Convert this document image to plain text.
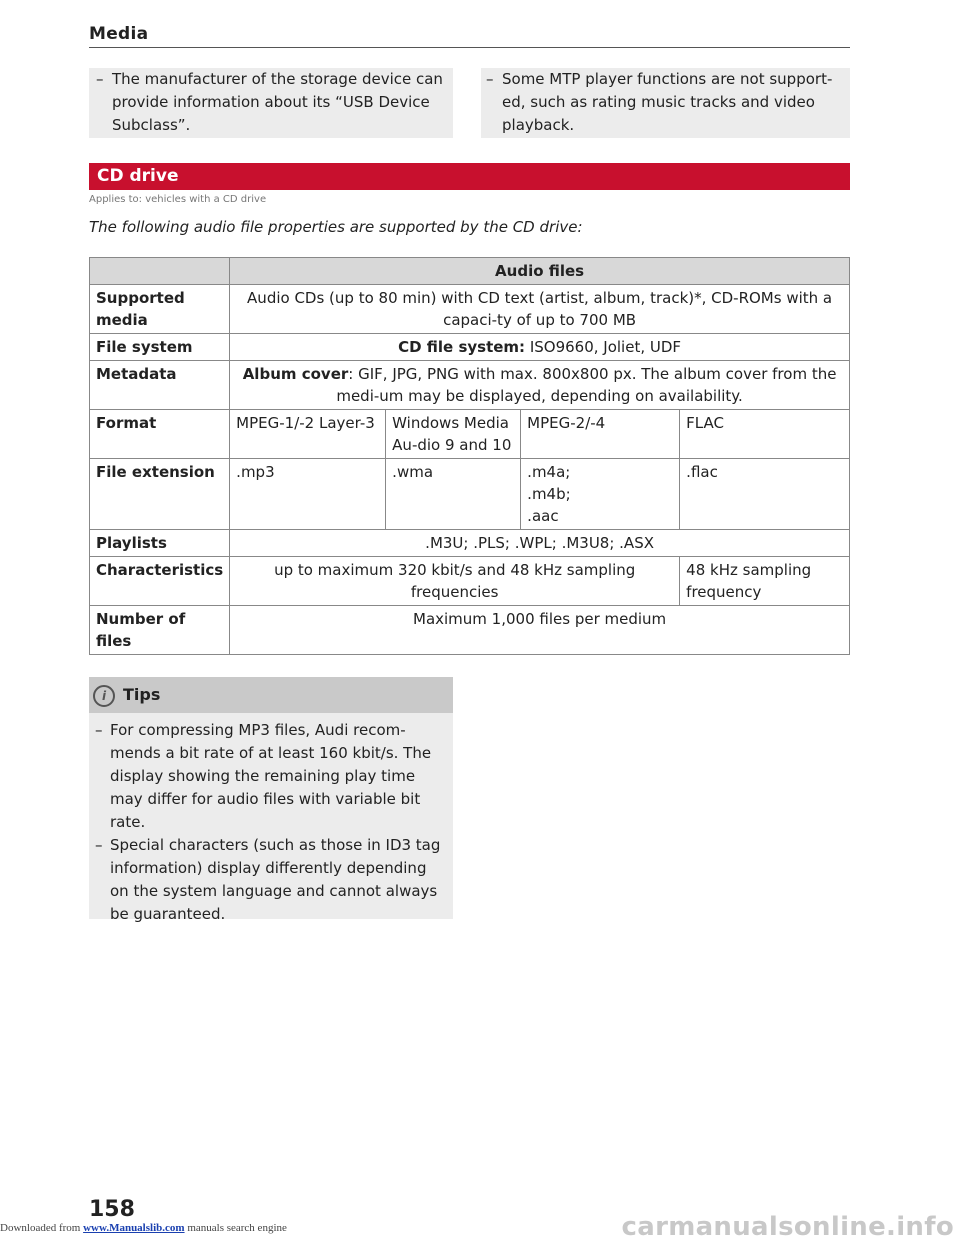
Media
– The manufacturer of the storage device can provide information about its “USB Device Subclass”.
– Some MTP player functions are not support-ed, such as rating music tracks and video playback.
CD drive
Applies to: vehicles with a CD drive
The following audio file properties are supported by the CD drive:
	Audio files			
Supported media	Audio CDs (up to 80 min) with CD text (artist, album, track)*, CD-ROMs with a capaci-ty of up to 700 MB			
File system	CD file system: ISO9660, Joliet, UDF			
Metadata	Album cover: GIF, JPG, PNG with max. 800x800 px. The album cover from the medi-um may be displayed, depending on availability.			
Format	MPEG-1/-2 Layer-3	Windows Media Au-dio 9 and 10	MPEG-2/-4	FLAC
File extension	.mp3	.wma	.m4a;
.m4b;
.aac	.flac
Playlists	.M3U; .PLS; .WPL; .M3U8; .ASX			
Characteristics	up to maximum 320 kbit/s and 48 kHz sampling frequencies			48 kHz sampling frequency
Number of files	Maximum 1,000 files per medium			
i Tips
– For compressing MP3 files, Audi recom-mends a bit rate of at least 160 kbit/s. The display showing the remaining play time may differ for audio files with variable bit rate.
– Special characters (such as those in ID3 tag information) display differently depending on the system language and cannot always be guaranteed.
158
Downloaded from www.Manualslib.com manuals search engine	carmanualsonline.info
